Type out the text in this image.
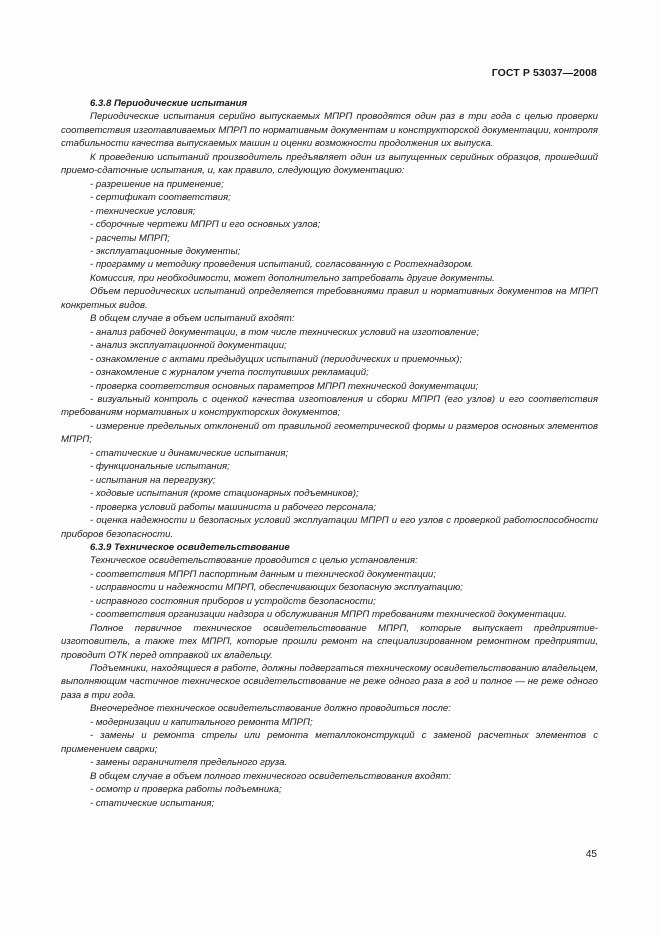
ГОСТ Р 53037—2008

6.3.8 Периодические испытания

Периодические испытания серийно выпускаемых МПРП проводятся один раз в три года с целью проверки соответствия изготавливаемых МПРП по нормативным документам и конструкторской документации, контроля стабильности качества выпускаемых машин и оценки возможности продолжения их выпуска.

К проведению испытаний производитель предъявляет один из выпущенных серийных образцов, прошедший приемо-сдаточные испытания, и, как правило, следующую документацию:

- разрешение на применение;

- сертификат соответствия;

- технические условия;

- сборочные чертежи МПРП и его основных узлов;

- расчеты МПРП;

- эксплуатационные документы;

- программу и методику проведения испытаний, согласованную с Ростехнадзором.

Комиссия, при необходимости, может дополнительно затребовать другие документы.

Объем периодических испытаний определяется требованиями правил и нормативных документов на МПРП конкретных видов.

В общем случае в объем испытаний входят:

- анализ рабочей документации, в том числе технических условий на изготовление;

- анализ эксплуатационной документации;

- ознакомление с актами предыдущих испытаний (периодических и приемочных);

- ознакомление с журналом учета поступивших рекламаций;

- проверка соответствия основных параметров МПРП технической документации;

- визуальный контроль с оценкой качества изготовления и сборки МПРП (его узлов) и его соответствия требованиям нормативных и конструкторских документов;

- измерение предельных отклонений от правильной геометрической формы и размеров основных элементов МПРП;

- статические и динамические испытания;

- функциональные испытания;

- испытания на перегрузку;

- ходовые испытания (кроме стационарных подъемников);

- проверка условий работы машиниста и рабочего персонала;

- оценка надежности и безопасных условий эксплуатации МПРП и его узлов с проверкой работоспособности приборов безопасности.

6.3.9 Техническое освидетельствование

Техническое освидетельствование проводится с целью установления:

- соответствия МПРП паспортным данным и технической документации;

- исправности и надежности МПРП, обеспечивающих безопасную эксплуатацию;

- исправного состояния приборов и устройств безопасности;

- соответствия организации надзора и обслуживания МПРП требованиям технической документации.

Полное первичное техническое освидетельствование МПРП, которые выпускает предприятие-изготовитель, а также тех МПРП, которые прошли ремонт на специализированном ремонтном предприятии, проводит ОТК перед отправкой их владельцу.

Подъемники, находящиеся в работе, должны подвергаться техническому освидетельствованию владельцем, выполняющим частичное техническое освидетельствование не реже одного раза в год и полное — не реже одного раза в три года.

Внеочередное техническое освидетельствование должно проводиться после:

- модернизации и капитального ремонта МПРП;

- замены и ремонта стрелы или ремонта металлоконструкций с заменой расчетных элементов с применением сварки;

- замены ограничителя предельного груза.

В общем случае в объем полного технического освидетельствования входят:

- осмотр и проверка работы подъемника;

- статические испытания;

45
